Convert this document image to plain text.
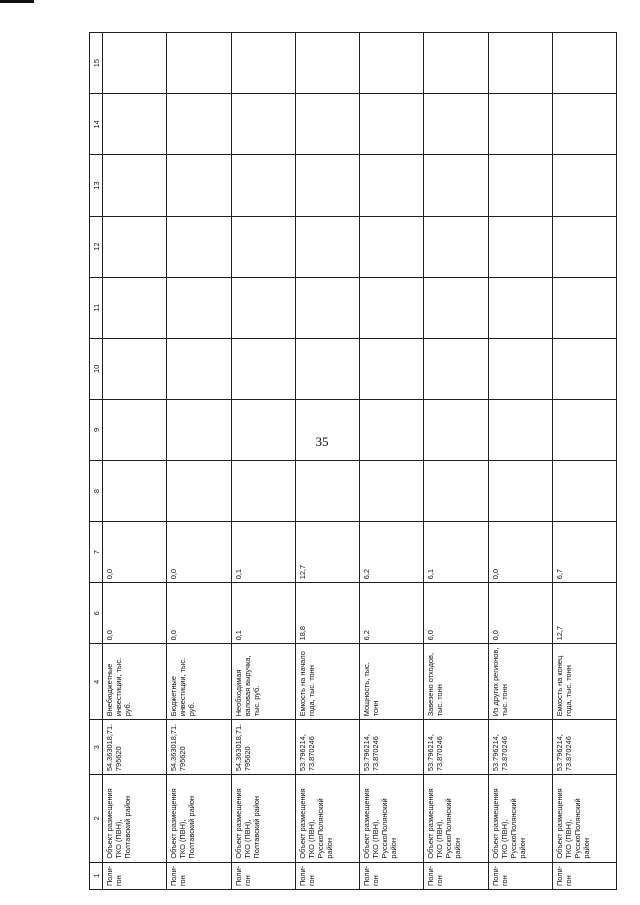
35
1	2	3	4	6	7	8	9	10	11	12	13	14	15
Поли-гон	Объект размещения ТКО (ПВН), Полтавский район	54.363018,71.795620	Внебюджетные инвестиции, тыс. руб.	0,0	0,0								
Поли-гон	Объект размещения ТКО (ПВН), Полтавский район	54.363018,71.795620	Бюджетные инвестиции, тыс. руб.	0,0	0,0								
Поли-гон	Объект размещения ТКО (ПВН), Полтавский район	54.363018,71.795620	Необходимая валовая выручка, тыс. руб.	0,1	0,1								
Поли-гон	Объект размещения ТКО (ПВН), РусскоПолянский район	53.796214, 73.870246	Емкость на начало года, тыс. тонн	18,8	12,7								
Поли-гон	Объект размещения ТКО (ПВН), РусскоПолянский район	53.796214, 73.870246	Мощность, тыс. тонн	6,2	6,2								
Поли-гон	Объект размещения ТКО (ПВН), РусскоПолянский район	53.796214, 73.870246	Завезено отходов, тыс. тонн	6,0	6,1								
Поли-гон	Объект размещения ТКО (ПВН), РусскоПолянский район	53.796214, 73.870246	Из других регионов, тыс. тонн	0,0	0,0								
Поли-гон	Объект размещения ТКО (ПВН), РусскоПолянский район	53.796214, 73.870246	Емкость на конец года, тыс. тонн	12,7	6,7								
